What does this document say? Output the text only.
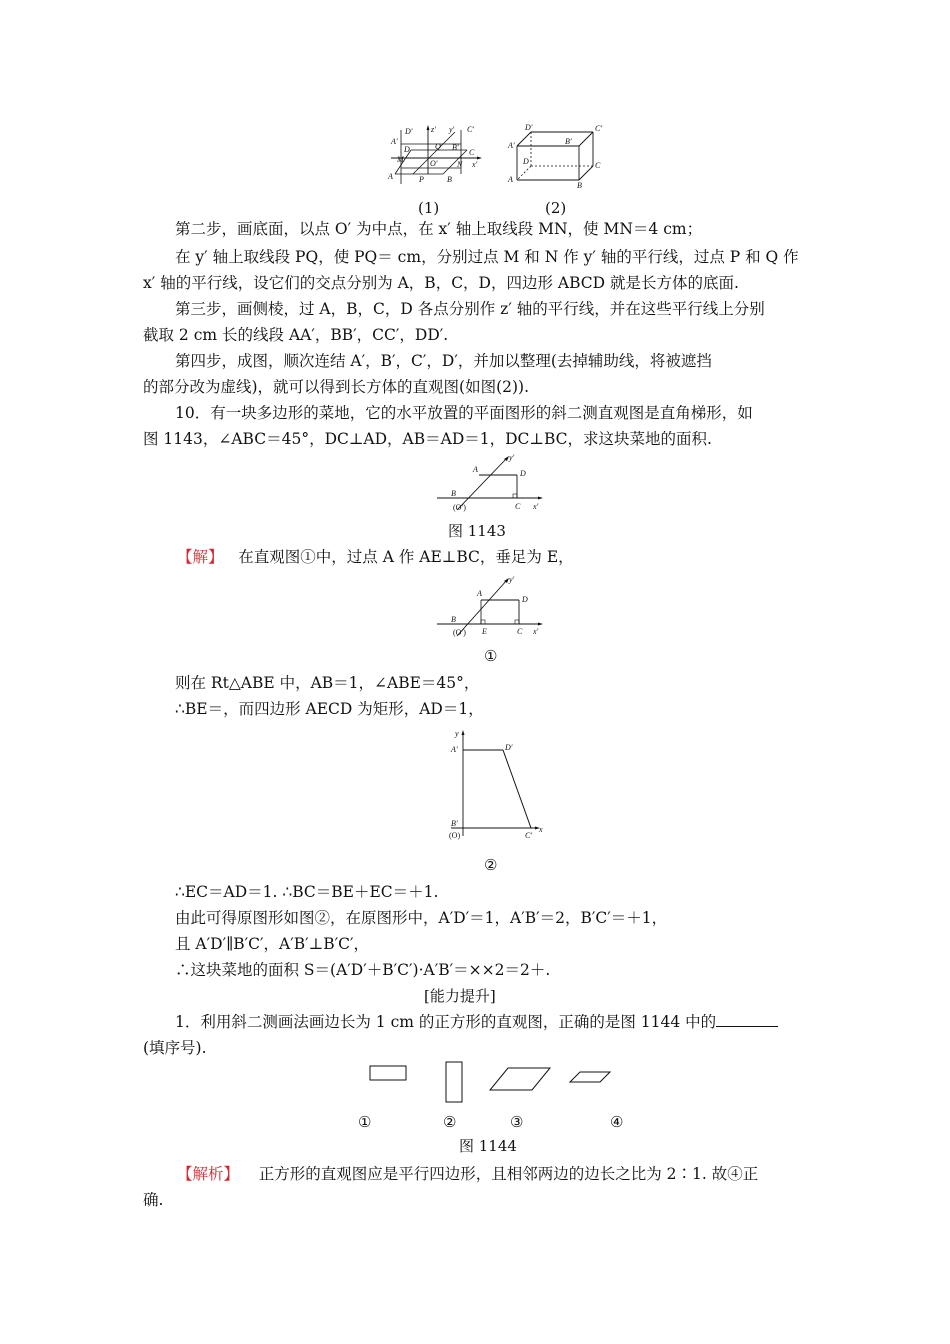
D′ z′ y′ C′
A′
D	Q B′
C
M	O′ N x′
A	P	B
D′	C′
A′	B′
D	C
A
B
(1)	(2)
第二步，画底面，以点 O′ 为中点，在 x′ 轴上取线段 MN，使 MN＝4 cm；
在 y′ 轴上取线段 PQ，使 PQ＝ cm，分别过点 M 和 N 作 y′ 轴的平行线，过点 P 和 Q 作
x′ 轴的平行线，设它们的交点分别为 A，B，C，D，四边形 ABCD 就是长方体的底面.
第三步，画侧棱，过 A，B，C，D 各点分别作 z′ 轴的平行线，并在这些平行线上分别
截取 2 cm 长的线段 AA′，BB′，CC′，DD′.
第四步，成图，顺次连结 A′，B′，C′，D′，并加以整理(去掉辅助线，将被遮挡
的部分改为虚线)，就可以得到长方体的直观图(如图(2)).
10．有一块多边形的菜地，它的水平放置的平面图形的斜二测直观图是直角梯形，如
图 1143，∠ABC＝45°，DC⊥AD，AB＝AD＝1，DC⊥BC，求这块菜地的面积.
y′
A	D
B
C x′
(O′)
图 1143
【解】 在直观图①中，过点 A 作 AE⊥BC，垂足为 E，
y′
A
D
B
E	C x′
(O′)
①
则在 Rt△ABE 中，AB＝1，∠ABE＝45°，
∴BE＝，而四边形 AECD 为矩形，AD＝1，
y
A′	D′
B′
(O)	C′
x
②
∴EC＝AD＝1. ∴BC＝BE＋EC＝＋1.
由此可得原图形如图②，在原图形中，A′D′＝1，A′B′＝2，B′C′＝＋1，
且 A′D′∥B′C′，A′B′⊥B′C′，
∴这块菜地的面积 S＝(A′D′＋B′C′)·A′B′＝××2＝2＋.
[能力提升]
1．利用斜二测画法画边长为 1 cm 的正方形的直观图，正确的是图 1144 中的
(填序号).
①	②	③	④
图 1144
【解析】 正方形的直观图应是平行四边形，且相邻两边的边长之比为 2∶1. 故④正
确.
